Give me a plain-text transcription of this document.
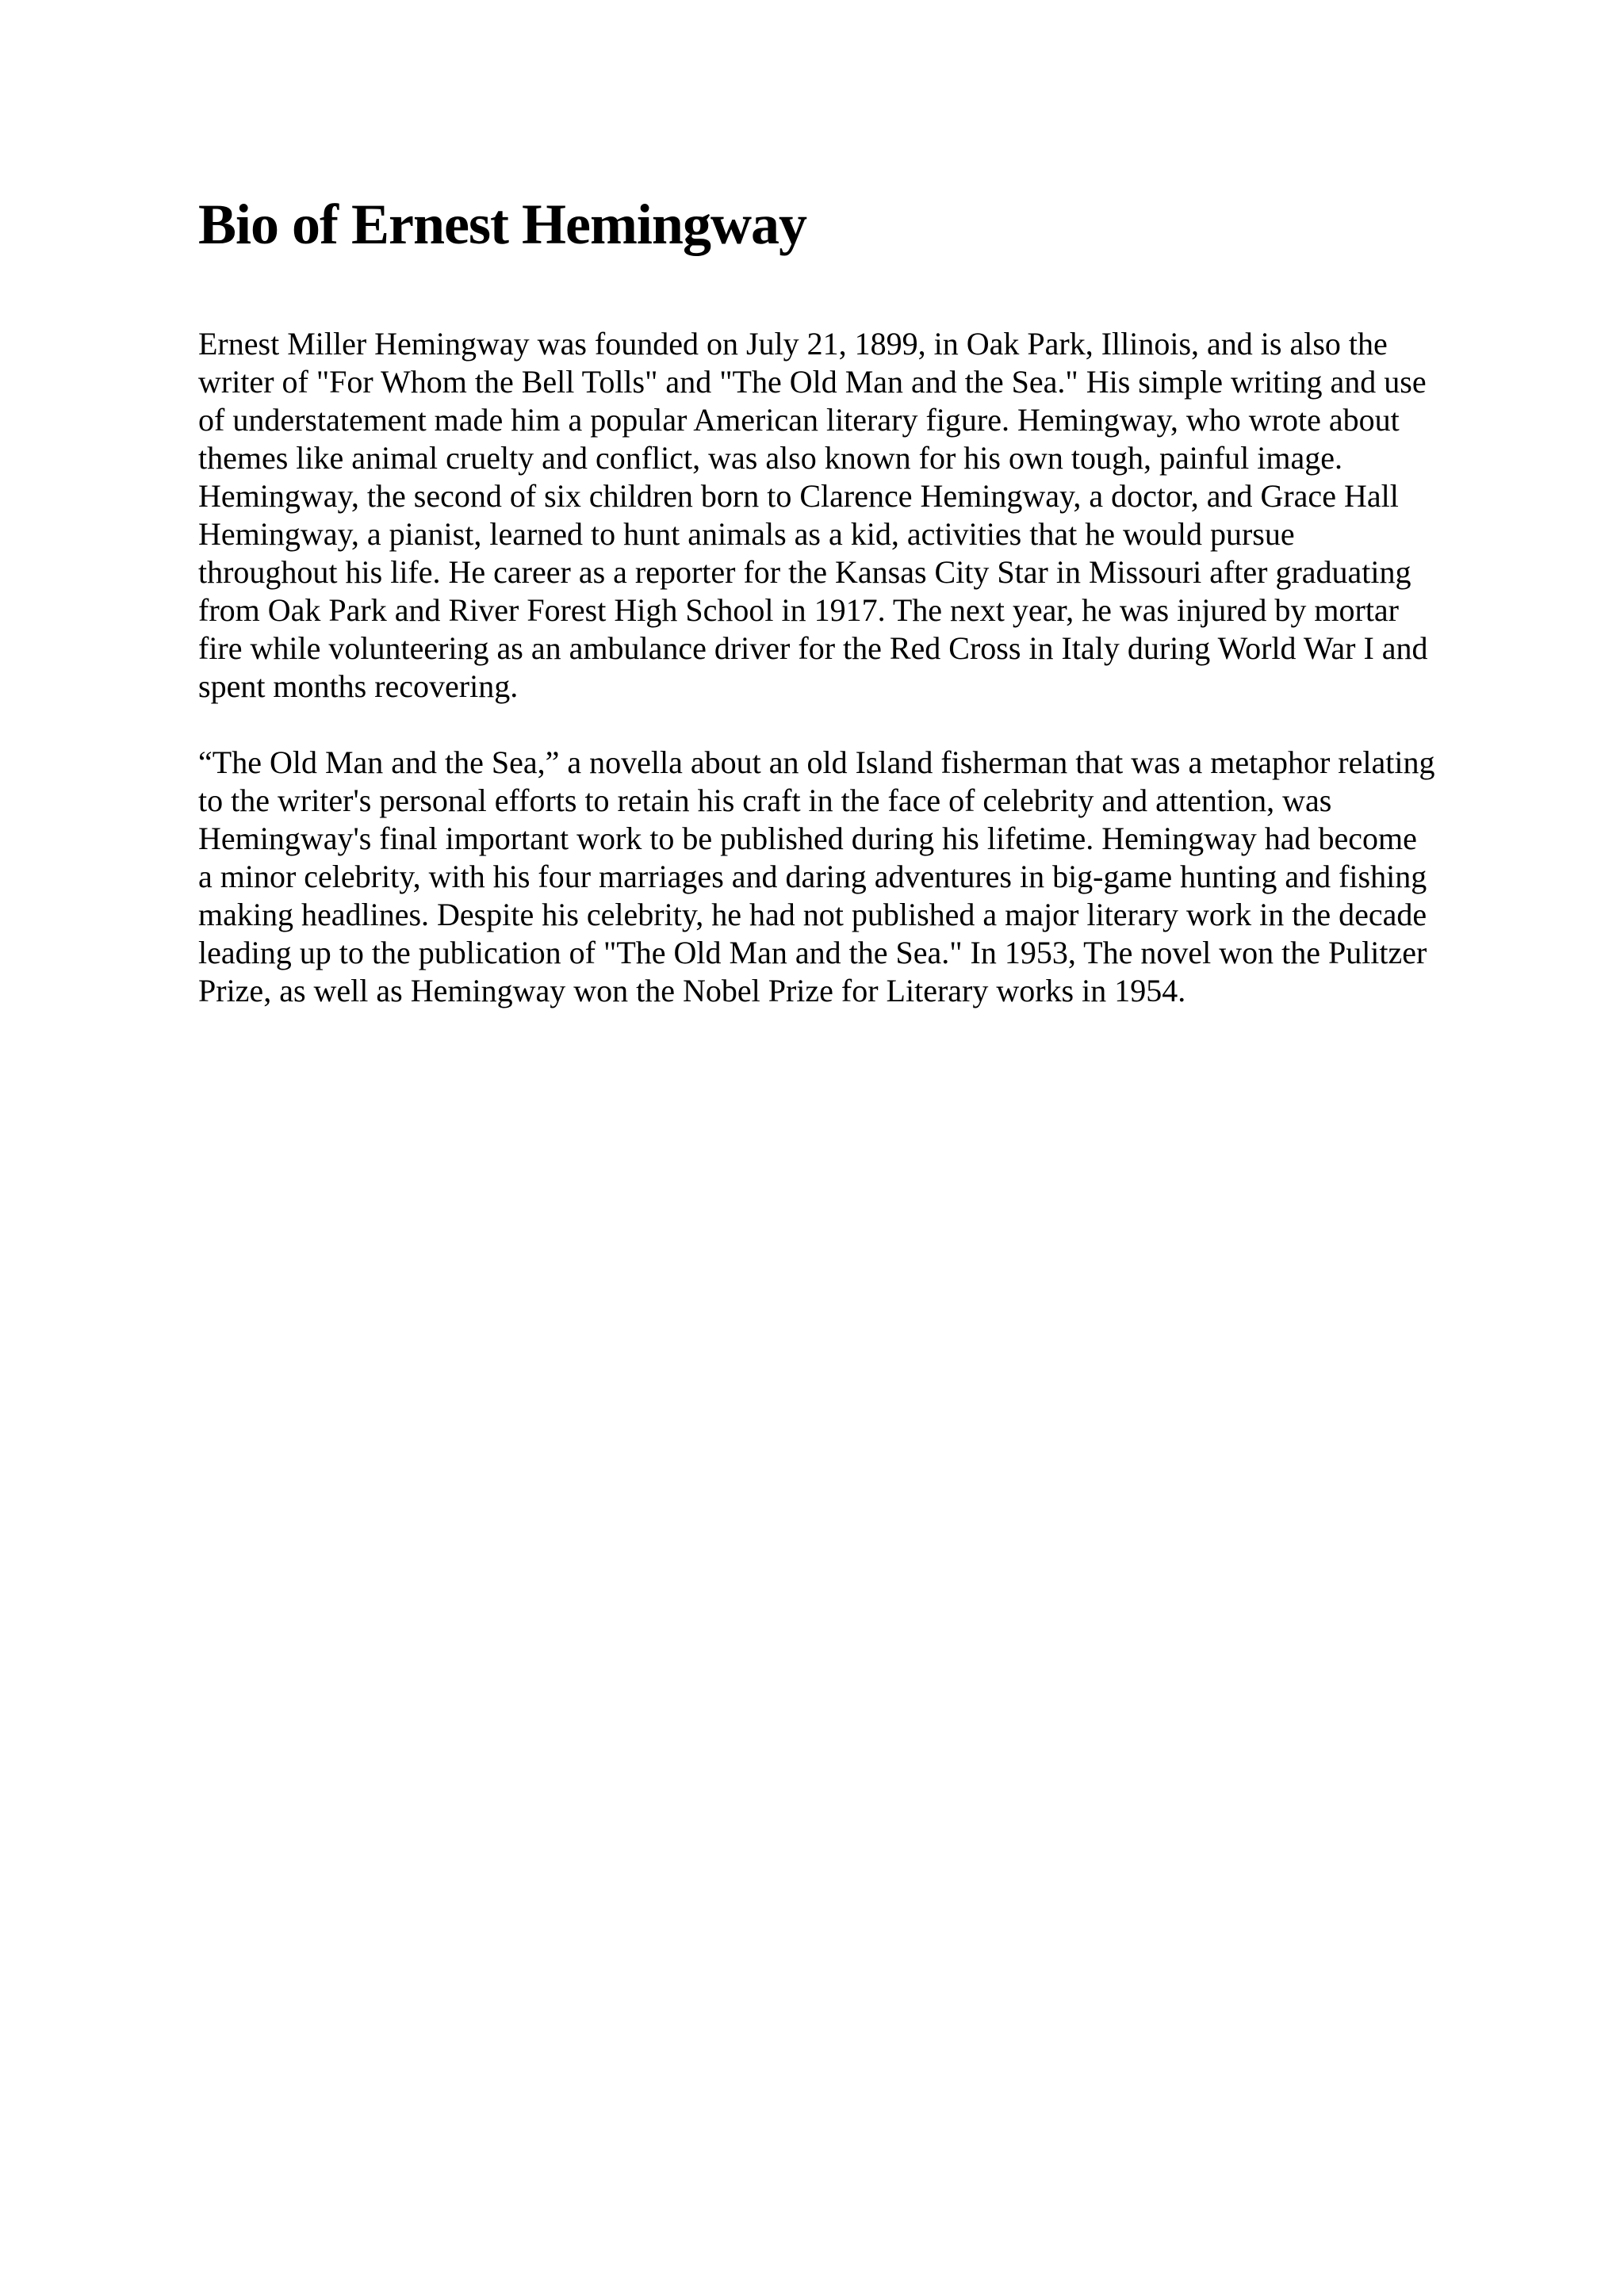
Bio of Ernest Hemingway

Ernest Miller Hemingway was founded on July 21, 1899, in Oak Park, Illinois, and is also the writer of "For Whom the Bell Tolls" and "The Old Man and the Sea." His simple writing and use of understatement made him a popular American literary figure. Hemingway, who wrote about themes like animal cruelty and conflict, was also known for his own tough, painful image. Hemingway, the second of six children born to Clarence Hemingway, a doctor, and Grace Hall Hemingway, a pianist, learned to hunt animals as a kid, activities that he would pursue throughout his life. He career as a reporter for the Kansas City Star in Missouri after graduating from Oak Park and River Forest High School in 1917. The next year, he was injured by mortar fire while volunteering as an ambulance driver for the Red Cross in Italy during World War I and spent months recovering.

“The Old Man and the Sea,” a novella about an old Island fisherman that was a metaphor relating to the writer's personal efforts to retain his craft in the face of celebrity and attention, was Hemingway's final important work to be published during his lifetime. Hemingway had become a minor celebrity, with his four marriages and daring adventures in big-game hunting and fishing making headlines. Despite his celebrity, he had not published a major literary work in the decade leading up to the publication of "The Old Man and the Sea." In 1953, The novel won the Pulitzer Prize, as well as Hemingway won the Nobel Prize for Literary works in 1954.
